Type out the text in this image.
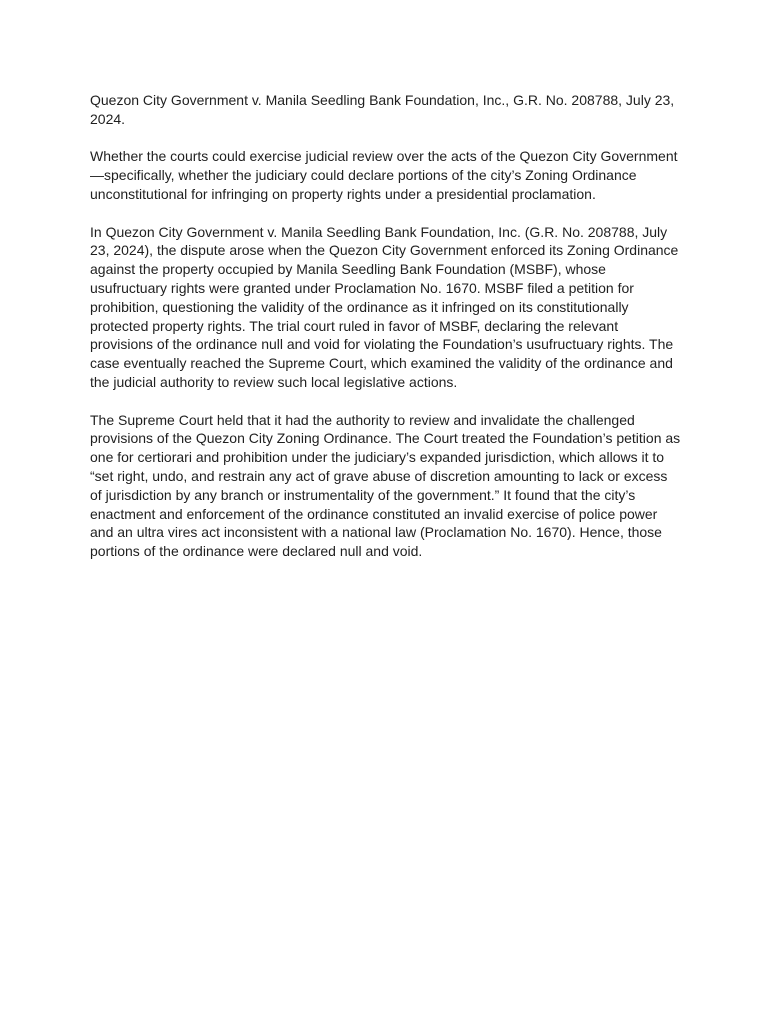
Quezon City Government v. Manila Seedling Bank Foundation, Inc., G.R. No. 208788, July 23, 2024.

Whether the courts could exercise judicial review over the acts of the Quezon City Government—specifically, whether the judiciary could declare portions of the city’s Zoning Ordinance unconstitutional for infringing on property rights under a presidential proclamation.

In Quezon City Government v. Manila Seedling Bank Foundation, Inc. (G.R. No. 208788, July 23, 2024), the dispute arose when the Quezon City Government enforced its Zoning Ordinance against the property occupied by Manila Seedling Bank Foundation (MSBF), whose usufructuary rights were granted under Proclamation No. 1670. MSBF filed a petition for prohibition, questioning the validity of the ordinance as it infringed on its constitutionally protected property rights. The trial court ruled in favor of MSBF, declaring the relevant provisions of the ordinance null and void for violating the Foundation’s usufructuary rights. The case eventually reached the Supreme Court, which examined the validity of the ordinance and the judicial authority to review such local legislative actions.

The Supreme Court held that it had the authority to review and invalidate the challenged provisions of the Quezon City Zoning Ordinance. The Court treated the Foundation’s petition as one for certiorari and prohibition under the judiciary’s expanded jurisdiction, which allows it to “set right, undo, and restrain any act of grave abuse of discretion amounting to lack or excess of jurisdiction by any branch or instrumentality of the government.” It found that the city’s enactment and enforcement of the ordinance constituted an invalid exercise of police power and an ultra vires act inconsistent with a national law (Proclamation No. 1670). Hence, those portions of the ordinance were declared null and void.
